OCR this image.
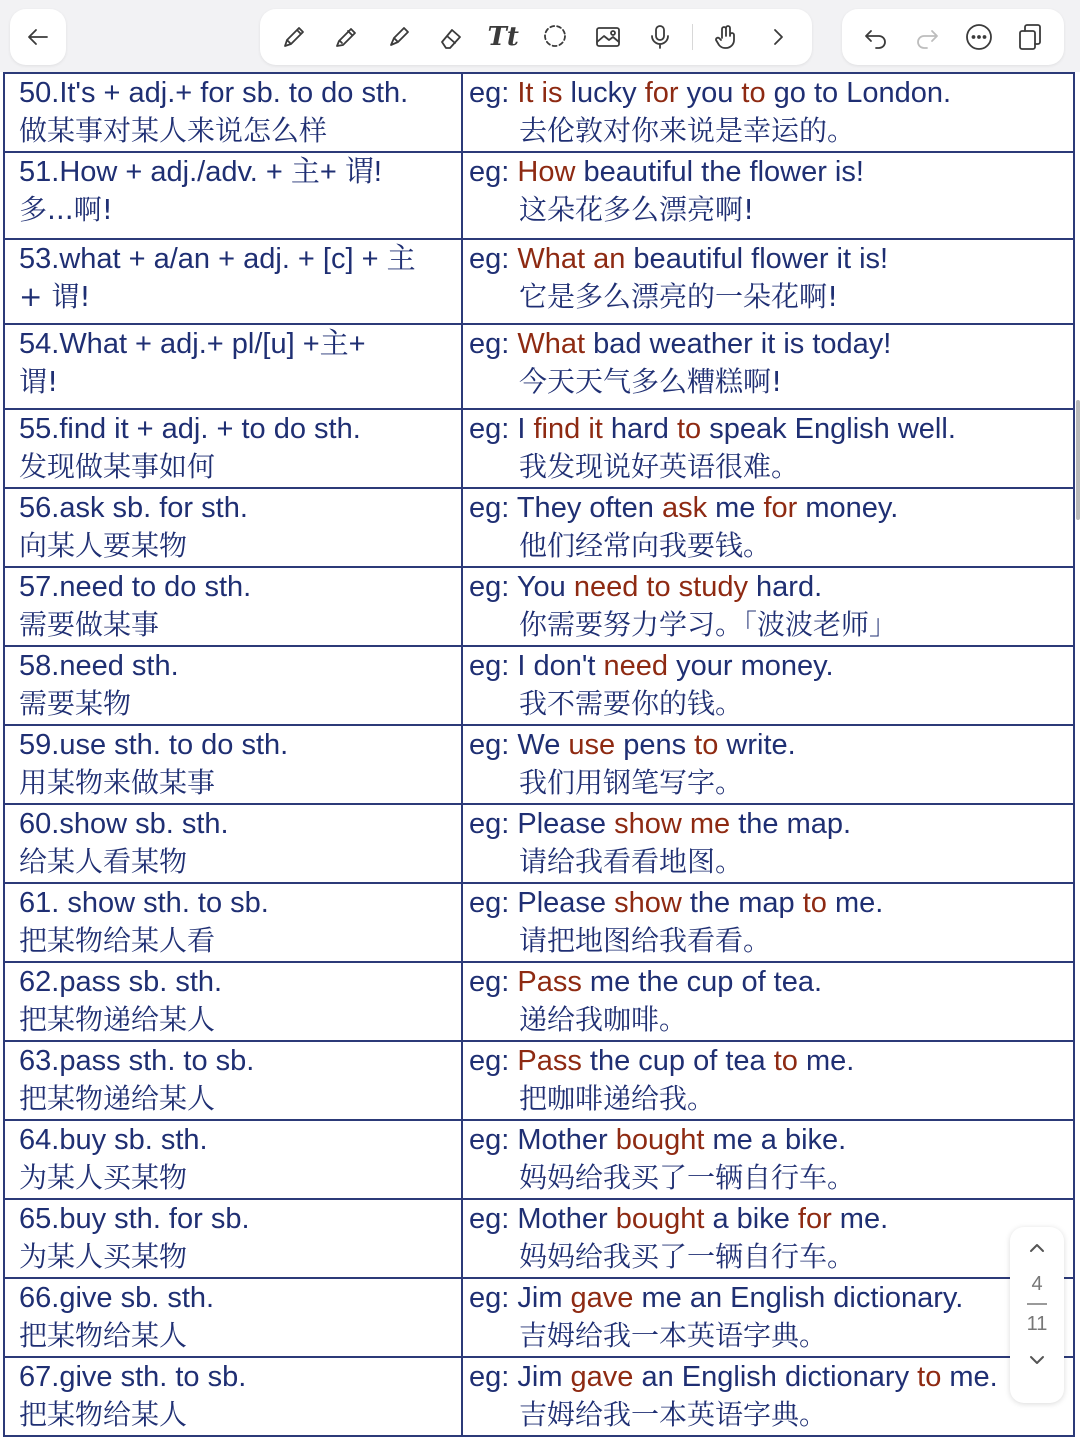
Tt
50.It's + adj.+ for sb. to do sth.
做某事对某人来说怎么样	eg: It is lucky for you to go to London.
去伦敦对你来说是幸运的。

51.How + adj./adv. + 主+ 谓!
多...啊!	eg: How beautiful the flower is!
这朵花多么漂亮啊!

53.what + a/an + adj. + [c] + 主
+ 谓!	eg: What an beautiful flower it is!
它是多么漂亮的一朵花啊!

54.What + adj.+ pl/[u] +主+
谓!	eg: What bad weather it is today!
今天天气多么糟糕啊!

55.find it + adj. + to do sth.
发现做某事如何	eg: I find it hard to speak English well.
我发现说好英语很难。

56.ask sb. for sth.
向某人要某物	eg: They often ask me for money.
他们经常向我要钱。

57.need to do sth.
需要做某事	eg: You need to study hard.
你需要努力学习。「波波老师」

58.need sth.
需要某物	eg: I don't need your money.
我不需要你的钱。

59.use sth. to do sth.
用某物来做某事	eg: We use pens to write.
我们用钢笔写字。

60.show sb. sth.
给某人看某物	eg: Please show me the map.
请给我看看地图。

61. show sth. to sb.
把某物给某人看	eg: Please show the map to me.
请把地图给我看看。

62.pass sb. sth.
把某物递给某人	eg: Pass me the cup of tea.
递给我咖啡。

63.pass sth. to sb.
把某物递给某人	eg: Pass the cup of tea to me.
把咖啡递给我。

64.buy sb. sth.
为某人买某物	eg: Mother bought me a bike.
妈妈给我买了一辆自行车。

65.buy sth. for sb.
为某人买某物	eg: Mother bought a bike for me.
妈妈给我买了一辆自行车。

66.give sb. sth.
把某物给某人	eg: Jim gave me an English dictionary.
吉姆给我一本英语字典。

67.give sth. to sb.
把某物给某人	eg: Jim gave an English dictionary to me.
吉姆给我一本英语字典。
4
11
